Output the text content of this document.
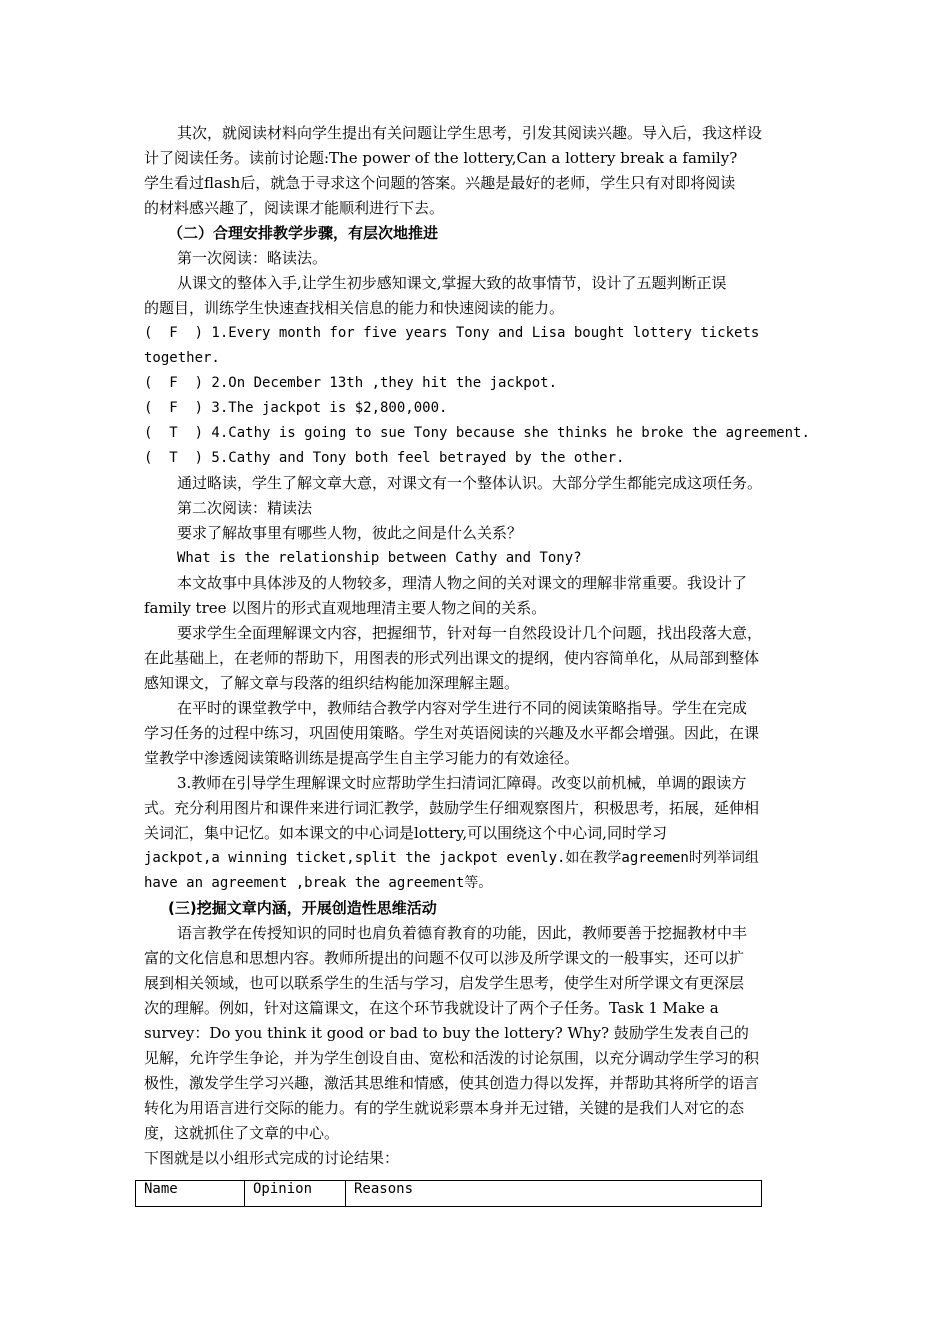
其次，就阅读材料向学生提出有关问题让学生思考，引发其阅读兴趣。导入后，我这样设
计了阅读任务。读前讨论题:The power of the lottery,Can a lottery break a family?
学生看过flash后，就急于寻求这个问题的答案。兴趣是最好的老师，学生只有对即将阅读
的材料感兴趣了，阅读课才能顺利进行下去。
（二）合理安排教学步骤，有层次地推进
第一次阅读：略读法。
从课文的整体入手,让学生初步感知课文,掌握大致的故事情节，设计了五题判断正误
的题目，训练学生快速查找相关信息的能力和快速阅读的能力。
(  F  ) 1.Every month for five years Tony and Lisa bought lottery tickets
together.
(  F  ) 2.On December 13th ,they hit the jackpot.
(  F  ) 3.The jackpot is $2,800,000.
(  T  ) 4.Cathy is going to sue Tony because she thinks he broke the agreement.
(  T  ) 5.Cathy and Tony both feel betrayed by the other.
通过略读，学生了解文章大意，对课文有一个整体认识。大部分学生都能完成这项任务。
第二次阅读：精读法
要求了解故事里有哪些人物，彼此之间是什么关系？
What is the relationship between Cathy and Tony?
本文故事中具体涉及的人物较多，理清人物之间的关对课文的理解非常重要。我设计了
family tree 以图片的形式直观地理清主要人物之间的关系。
要求学生全面理解课文内容，把握细节，针对每一自然段设计几个问题，找出段落大意，
在此基础上，在老师的帮助下，用图表的形式列出课文的提纲，使内容简单化，从局部到整体
感知课文，了解文章与段落的组织结构能加深理解主题。
在平时的课堂教学中，教师结合教学内容对学生进行不同的阅读策略指导。学生在完成
学习任务的过程中练习，巩固使用策略。学生对英语阅读的兴趣及水平都会增强。因此，在课
堂教学中渗透阅读策略训练是提高学生自主学习能力的有效途径。
3.教师在引导学生理解课文时应帮助学生扫清词汇障碍。改变以前机械，单调的跟读方
式。充分利用图片和课件来进行词汇教学，鼓励学生仔细观察图片，积极思考，拓展，延伸相
关词汇，集中记忆。如本课文的中心词是lottery,可以围绕这个中心词,同时学习
jackpot,a winning ticket,split the jackpot evenly.如在教学agreemen时列举词组
have an agreement ,break the agreement等。
(三)挖掘文章内涵，开展创造性思维活动
语言教学在传授知识的同时也肩负着德育教育的功能，因此，教师要善于挖掘教材中丰
富的文化信息和思想内容。教师所提出的问题不仅可以涉及所学课文的一般事实，还可以扩
展到相关领域，也可以联系学生的生活与学习，启发学生思考，使学生对所学课文有更深层
次的理解。例如，针对这篇课文，在这个环节我就设计了两个子任务。Task 1 Make a
survey：Do you think it good or bad to buy the lottery? Why? 鼓励学生发表自己的
见解，允许学生争论，并为学生创设自由、宽松和活泼的讨论氛围，以充分调动学生学习的积
极性，激发学生学习兴趣，激活其思维和情感，使其创造力得以发挥，并帮助其将所学的语言
转化为用语言进行交际的能力。有的学生就说彩票本身并无过错，关键的是我们人对它的态
度，这就抓住了文章的中心。
下图就是以小组形式完成的讨论结果：
Name	Opinion	Reasons
